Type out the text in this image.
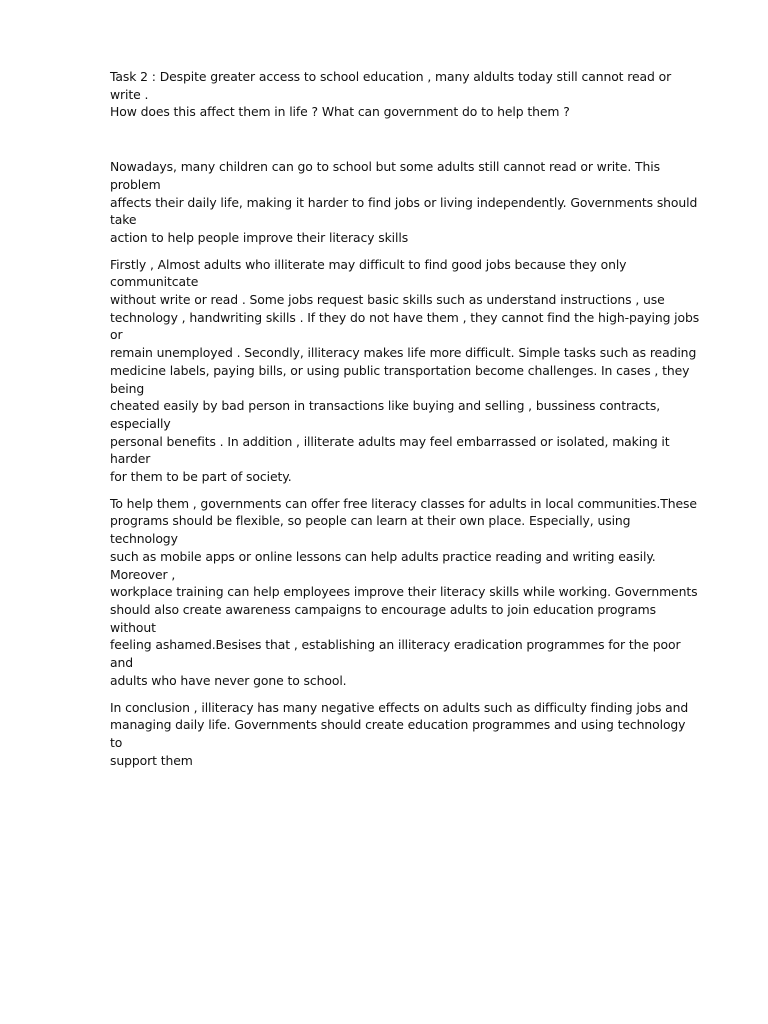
Task 2 : Despite greater access to school education , many aldults today still cannot read or write .
How does this affect them in life ? What can government do to help them ?

Nowadays, many children can go to school but some adults still cannot read or write. This problem
affects their daily life, making it harder to find jobs or living independently. Governments should take
action to help people improve their literacy skills

Firstly , Almost adults who illiterate may difficult to find good jobs because they only communitcate
without write or read . Some jobs request basic skills such as understand instructions , use
technology , handwriting skills . If they do not have them , they cannot find the high-paying jobs or
remain unemployed . Secondly, illiteracy makes life more difficult. Simple tasks such as reading
medicine labels, paying bills, or using public transportation become challenges. In cases , they being
cheated easily by bad person in transactions like buying and selling , bussiness contracts, especially
personal benefits . In addition , illiterate adults may feel embarrassed or isolated, making it harder
for them to be part of society.

To help them , governments can offer free literacy classes for adults in local communities.These
programs should be flexible, so people can learn at their own place. Especially, using technology
such as mobile apps or online lessons can help adults practice reading and writing easily. Moreover ,
workplace training can help employees improve their literacy skills while working. Governments
should also create awareness campaigns to encourage adults to join education programs without
feeling ashamed.Besises that , establishing an illiteracy eradication programmes for the poor and
adults who have never gone to school.

In conclusion , illiteracy has many negative effects on adults such as difficulty finding jobs and
managing daily life. Governments should create education programmes and using technology to
support them
